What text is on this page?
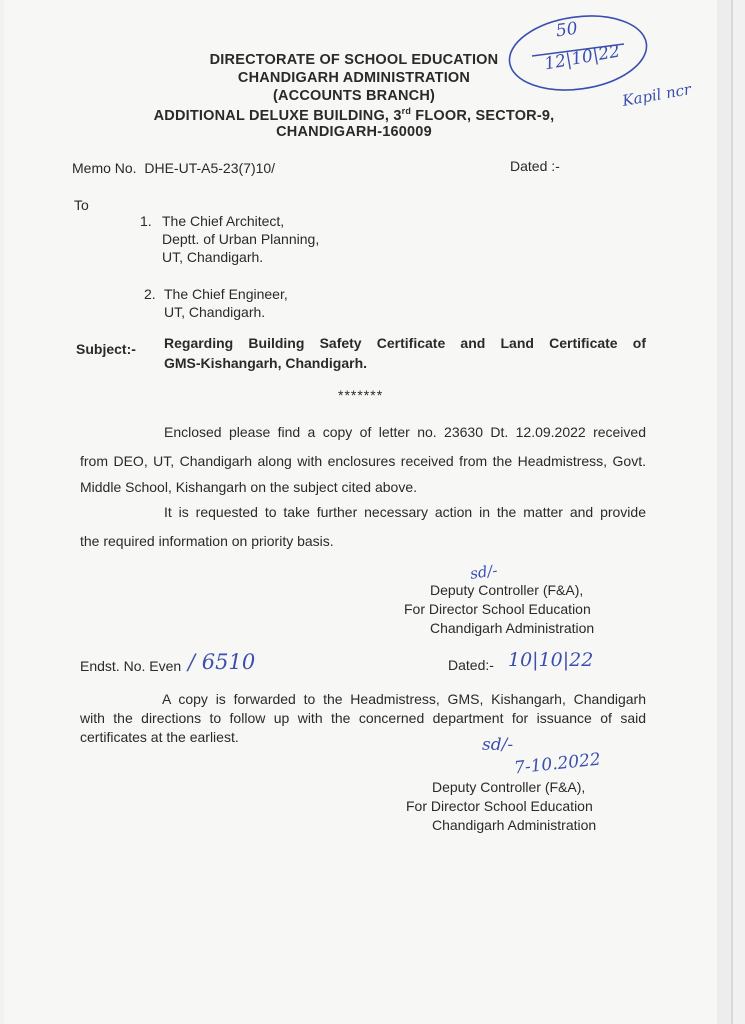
DIRECTORATE OF SCHOOL EDUCATION
CHANDIGARH ADMINISTRATION
(ACCOUNTS BRANCH)
ADDITIONAL DELUXE BUILDING, 3rd FLOOR, SECTOR-9,
CHANDIGARH-160009
50
12|10|22
Kapil ncr
Memo No. DHE-UT-A5-23(7)10/	Dated :-
To
1. The Chief Architect,
Deptt. of Urban Planning,
UT, Chandigarh.
2. The Chief Engineer,
UT, Chandigarh.
Subject:- Regarding Building Safety Certificate and Land Certificate of
GMS-Kishangarh, Chandigarh.
*******
Enclosed please find a copy of letter no. 23630 Dt. 12.09.2022 received
from DEO, UT, Chandigarh along with enclosures received from the Headmistress, Govt.
Middle School, Kishangarh on the subject cited above.
It is requested to take further necessary action in the matter and provide
the required information on priority basis.
sd/-
Deputy Controller (F&A),
For Director School Education
Chandigarh Administration
Endst. No. Even / 6510	Dated:- 10|10|22
A copy is forwarded to the Headmistress, GMS, Kishangarh, Chandigarh
with the directions to follow up with the concerned department for issuance of said
certificates at the earliest.	sd/-
7-10.2022
Deputy Controller (F&A),
For Director School Education
Chandigarh Administration
